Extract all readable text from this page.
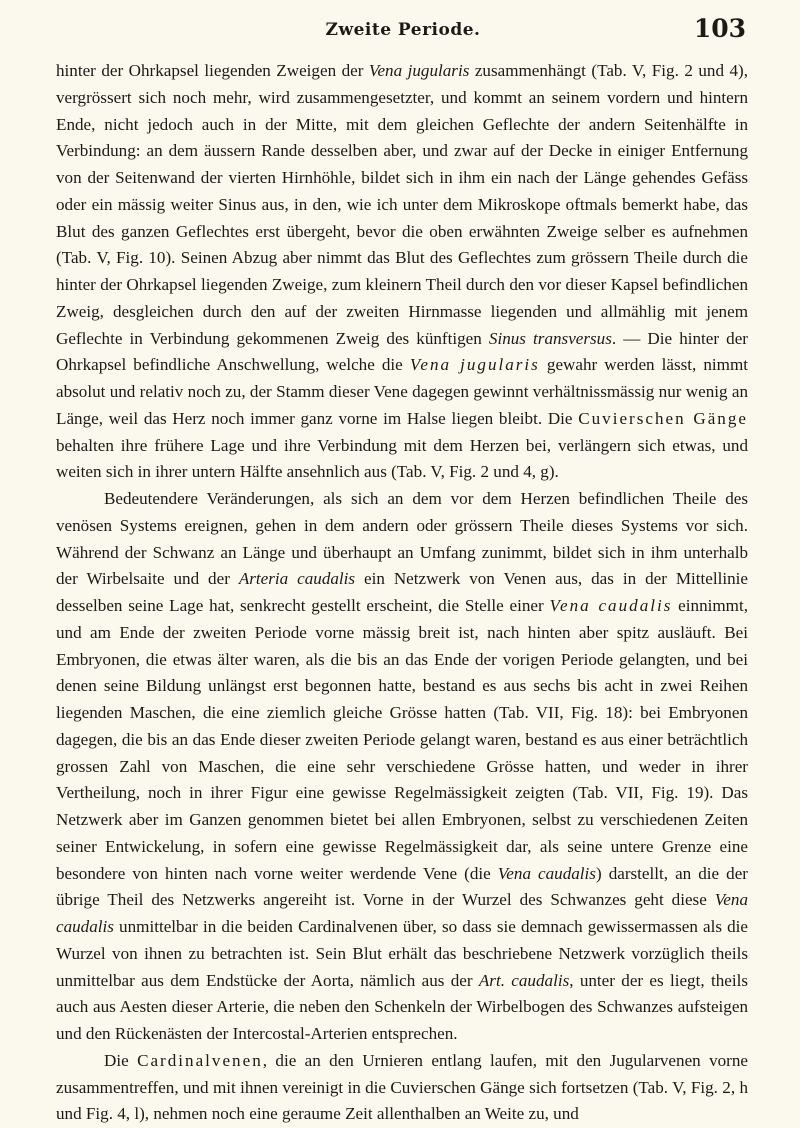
Zweite Periode.	103

hinter der Ohrkapsel liegenden Zweigen der Vena jugularis zusammenhängt (Tab. V, Fig. 2 und 4), vergrössert sich noch mehr, wird zusammengesetzter, und kommt an seinem vordern und hintern Ende, nicht jedoch auch in der Mitte, mit dem gleichen Geflechte der andern Seitenhälfte in Verbindung: an dem äussern Rande desselben aber, und zwar auf der Decke in einiger Entfernung von der Seitenwand der vierten Hirnhöhle, bildet sich in ihm ein nach der Länge gehendes Gefäss oder ein mässig weiter Sinus aus, in den, wie ich unter dem Mikroskope oftmals bemerkt habe, das Blut des ganzen Geflechtes erst übergeht, bevor die oben erwähnten Zweige selber es aufnehmen (Tab. V, Fig. 10). Seinen Abzug aber nimmt das Blut des Geflechtes zum grössern Theile durch die hinter der Ohrkapsel liegenden Zweige, zum kleinern Theil durch den vor dieser Kapsel befindlichen Zweig, desgleichen durch den auf der zweiten Hirnmasse liegenden und allmählig mit jenem Geflechte in Verbindung gekommenen Zweig des künftigen Sinus transversus. — Die hinter der Ohrkapsel befindliche Anschwellung, welche die Vena jugularis gewahr werden lässt, nimmt absolut und relativ noch zu, der Stamm dieser Vene dagegen gewinnt verhältnissmässig nur wenig an Länge, weil das Herz noch immer ganz vorne im Halse liegen bleibt. Die Cuvierschen Gänge behalten ihre frühere Lage und ihre Verbindung mit dem Herzen bei, verlängern sich etwas, und weiten sich in ihrer untern Hälfte ansehnlich aus (Tab. V, Fig. 2 und 4, g).

Bedeutendere Veränderungen, als sich an dem vor dem Herzen befindlichen Theile des venösen Systems ereignen, gehen in dem andern oder grössern Theile dieses Systems vor sich. Während der Schwanz an Länge und überhaupt an Umfang zunimmt, bildet sich in ihm unterhalb der Wirbelsaite und der Arteria caudalis ein Netzwerk von Venen aus, das in der Mittellinie desselben seine Lage hat, senkrecht gestellt erscheint, die Stelle einer Vena caudalis einnimmt, und am Ende der zweiten Periode vorne mässig breit ist, nach hinten aber spitz ausläuft. Bei Embryonen, die etwas älter waren, als die bis an das Ende der vorigen Periode gelangten, und bei denen seine Bildung unlängst erst begonnen hatte, bestand es aus sechs bis acht in zwei Reihen liegenden Maschen, die eine ziemlich gleiche Grösse hatten (Tab. VII, Fig. 18): bei Embryonen dagegen, die bis an das Ende dieser zweiten Periode gelangt waren, bestand es aus einer beträchtlich grossen Zahl von Maschen, die eine sehr verschiedene Grösse hatten, und weder in ihrer Vertheilung, noch in ihrer Figur eine gewisse Regelmässigkeit zeigten (Tab. VII, Fig. 19). Das Netzwerk aber im Ganzen genommen bietet bei allen Embryonen, selbst zu verschiedenen Zeiten seiner Entwickelung, in sofern eine gewisse Regelmässigkeit dar, als seine untere Grenze eine besondere von hinten nach vorne weiter werdende Vene (die Vena caudalis) darstellt, an die der übrige Theil des Netzwerks angereiht ist. Vorne in der Wurzel des Schwanzes geht diese Vena caudalis unmittelbar in die beiden Cardinalvenen über, so dass sie demnach gewissermassen als die Wurzel von ihnen zu betrachten ist. Sein Blut erhält das beschriebene Netzwerk vorzüglich theils unmittelbar aus dem Endstücke der Aorta, nämlich aus der Art. caudalis, unter der es liegt, theils auch aus Aesten dieser Arterie, die neben den Schenkeln der Wirbelbogen des Schwanzes aufsteigen und den Rückenästen der Intercostal-Arterien entsprechen.

Die Cardinalvenen, die an den Urnieren entlang laufen, mit den Jugularvenen vorne zusammentreffen, und mit ihnen vereinigt in die Cuvierschen Gänge sich fortsetzen (Tab. V, Fig. 2, h und Fig. 4, l), nehmen noch eine geraume Zeit allenthalben an Weite zu, und
